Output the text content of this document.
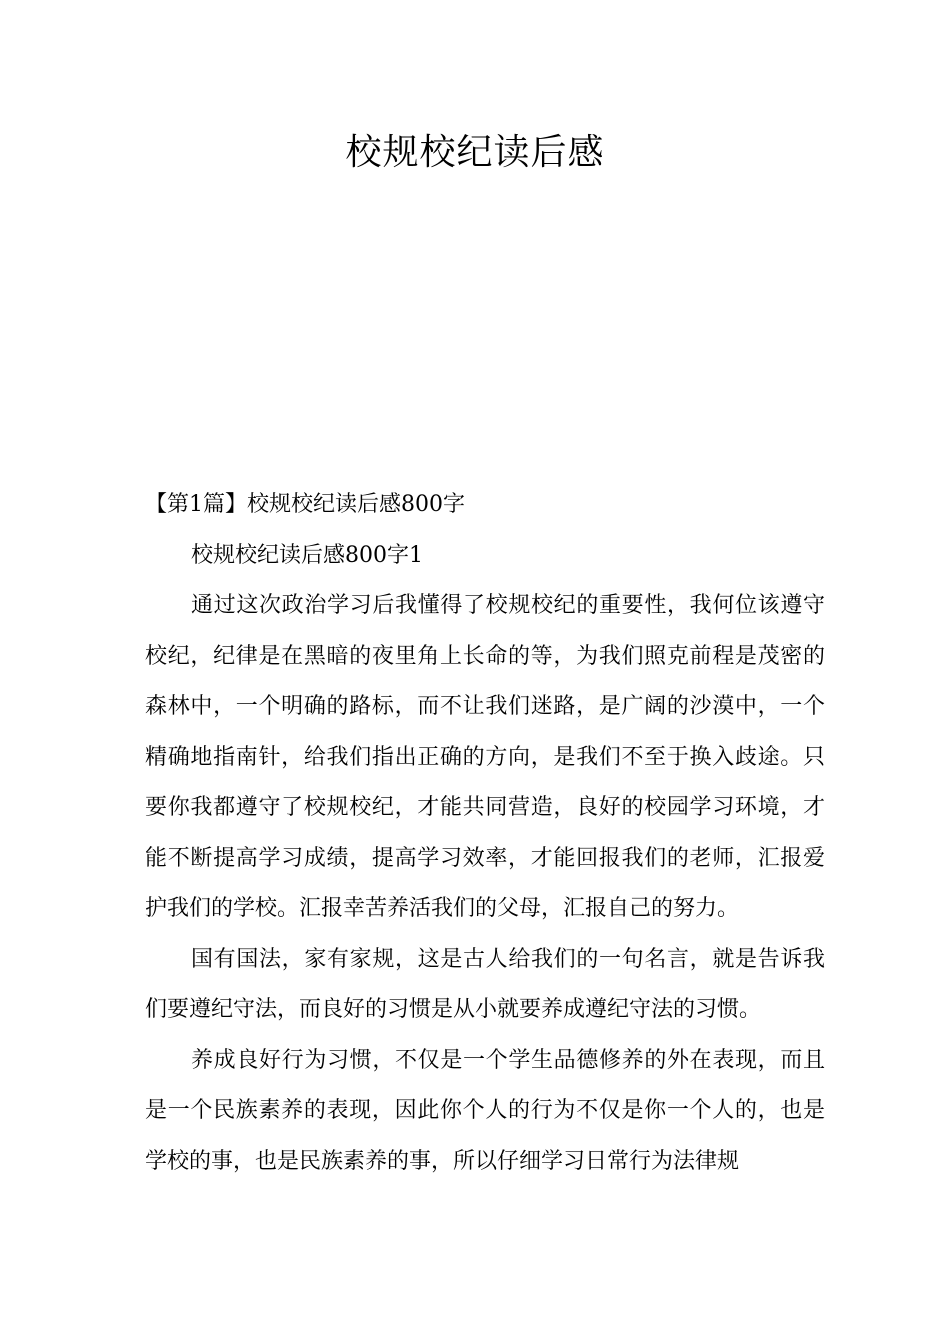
校规校纪读后感

【第1篇】校规校纪读后感800字

校规校纪读后感800字1

通过这次政治学习后我懂得了校规校纪的重要性，我何位该遵守校纪，纪律是在黑暗的夜里角上长命的等，为我们照克前程是茂密的森林中，一个明确的路标，而不让我们迷路，是广阔的沙漠中，一个精确地指南针，给我们指出正确的方向，是我们不至于换入歧途。只要你我都遵守了校规校纪，才能共同营造，良好的校园学习环境，才能不断提高学习成绩，提高学习效率，才能回报我们的老师，汇报爱护我们的学校。汇报幸苦养活我们的父母，汇报自己的努力。

国有国法，家有家规，这是古人给我们的一句名言，就是告诉我们要遵纪守法，而良好的习惯是从小就要养成遵纪守法的习惯。

养成良好行为习惯，不仅是一个学生品德修养的外在表现，而且是一个民族素养的表现，因此你个人的行为不仅是你一个人的，也是学校的事，也是民族素养的事，所以仔细学习日常行为法律规
